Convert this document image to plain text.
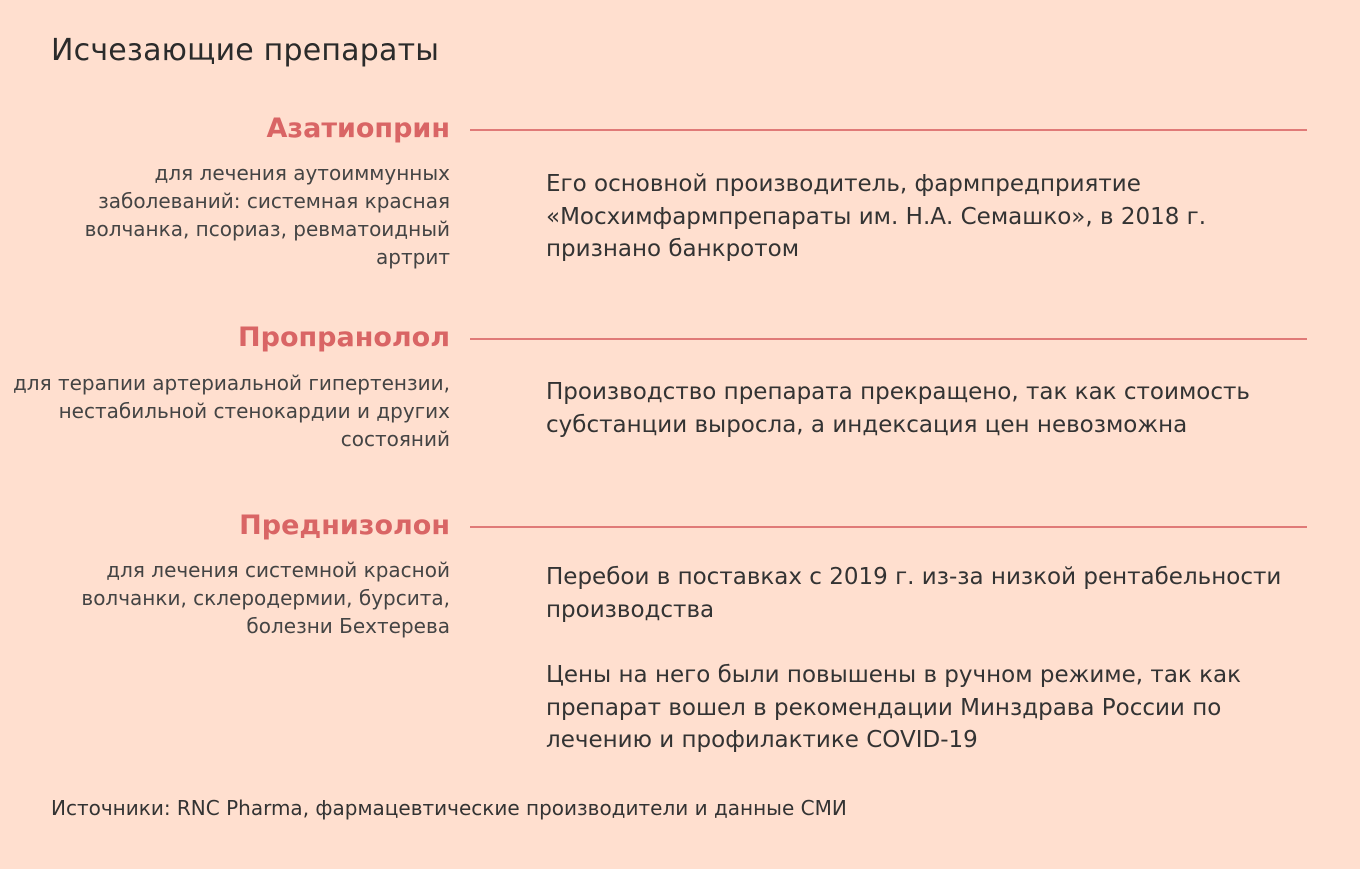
Исчезающие препараты
Азатиоприн
для лечения аутоиммунных заболеваний: системная красная волчанка, псориаз, ревматоидный артрит

Его основной производитель, фармпредприятие «Мосхимфармпрепараты им. Н.А. Семашко», в 2018 г. признано банкротом

Пропранолол
для терапии артериальной гипертензии, нестабильной стенокардии и других состояний

Производство препарата прекращено, так как стоимость субстанции выросла, а индексация цен невозможна

Преднизолон
для лечения системной красной волчанки, склеродермии, бурсита, болезни Бехтерева

Перебои в поставках с 2019 г. из-за низкой рентабельности производства

Цены на него были повышены в ручном режиме, так как препарат вошел в рекомендации Минздрава России по лечению и профилактике COVID-19

Источники: RNC Pharma, фармацевтические производители и данные СМИ
